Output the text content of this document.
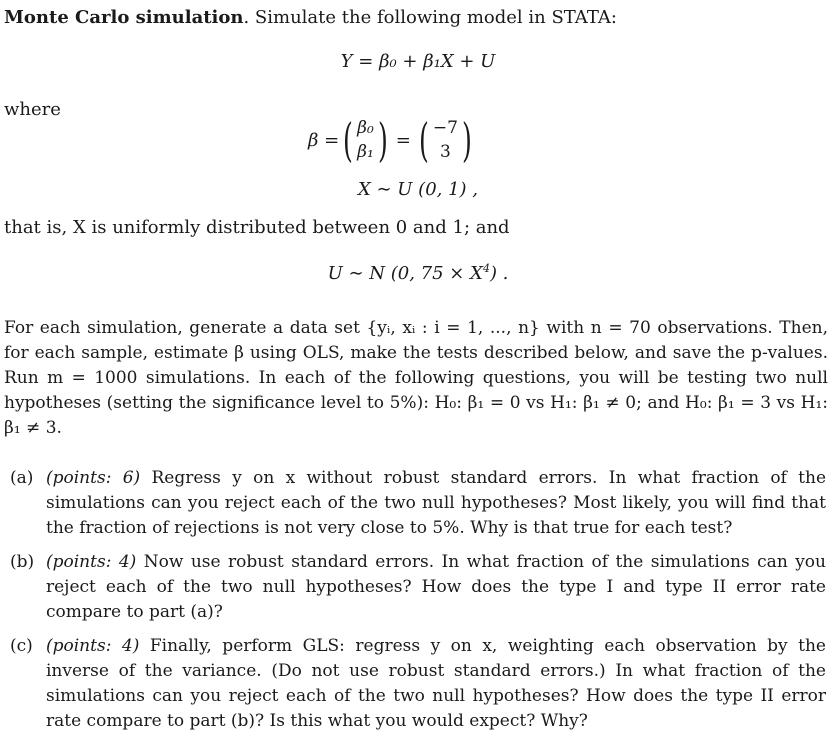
Monte Carlo simulation. Simulate the following model in STATA:
Y = β₀ + β₁X + U
where
β = ( β₀
β₁ ) = ( −7
3 )
X ∼ U (0, 1) ,
that is, X is uniformly distributed between 0 and 1; and
U ∼ N (0, $75 \times X^4$) .
For each simulation, generate a data set {yᵢ, xᵢ : i = 1, ..., n} with n = 70 observations. Then, for each sample, estimate β using OLS, make the tests described below, and save the p-values. Run m = 1000 simulations. In each of the following questions, you will be testing two null hypotheses (setting the significance level to 5%): H₀: β₁ = 0 vs H₁: β₁ ≠ 0; and H₀: β₁ = 3 vs H₁: β₁ ≠ 3.
(a) (points: 6) Regress y on x without robust standard errors. In what fraction of the simulations can you reject each of the two null hypotheses? Most likely, you will find that the fraction of rejections is not very close to 5%. Why is that true for each test?
(b) (points: 4) Now use robust standard errors. In what fraction of the simulations can you reject each of the two null hypotheses? How does the type I and type II error rate compare to part (a)?
(c) (points: 4) Finally, perform GLS: regress y on x, weighting each observation by the inverse of the variance. (Do not use robust standard errors.) In what fraction of the simulations can you reject each of the two null hypotheses? How does the type II error rate compare to part (b)? Is this what you would expect? Why?
